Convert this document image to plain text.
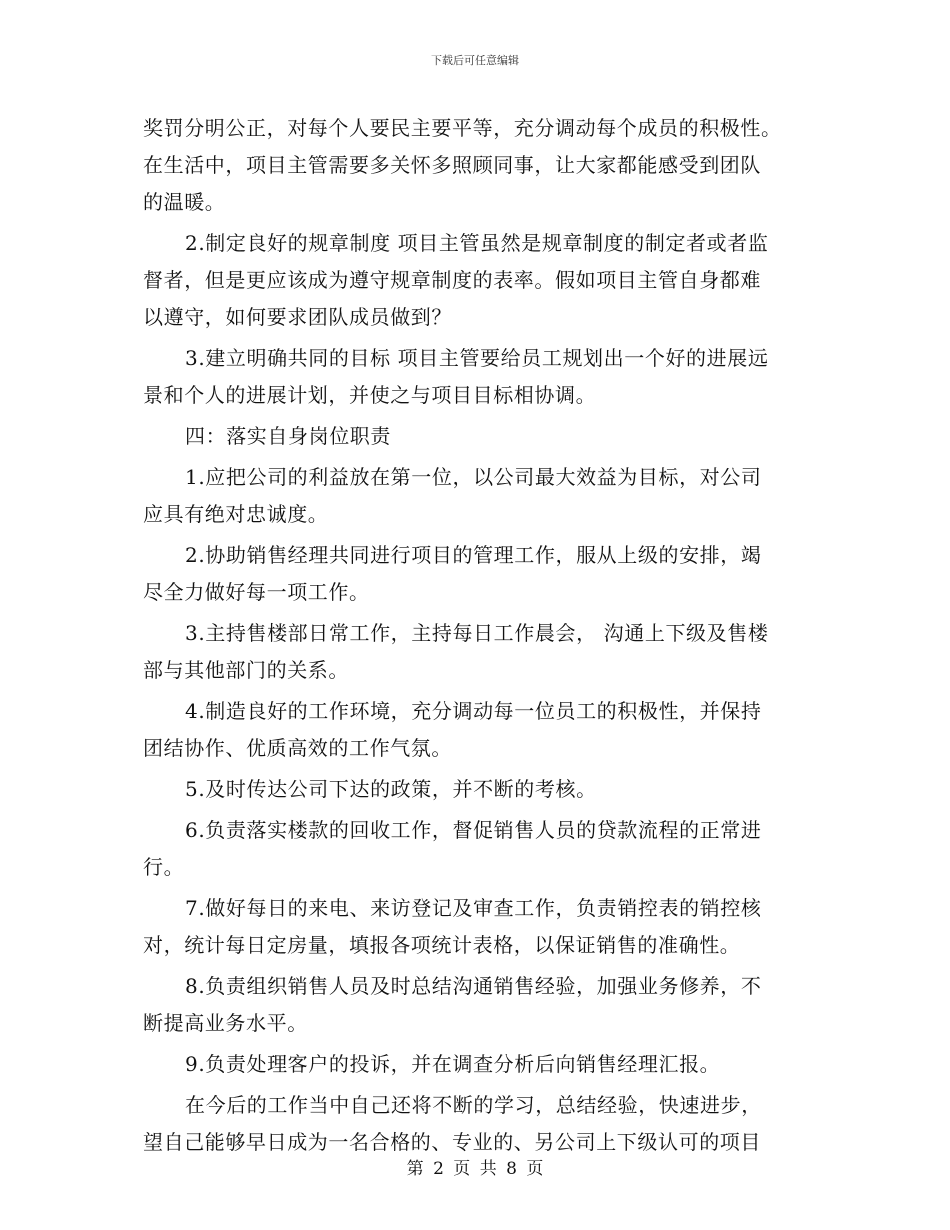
下载后可任意编辑
奖罚分明公正，对每个人要民主要平等，充分调动每个成员的积极性。
在生活中，项目主管需要多关怀多照顾同事，让大家都能感受到团队
的温暖。
2.制定良好的规章制度 项目主管虽然是规章制度的制定者或者监
督者，但是更应该成为遵守规章制度的表率。假如项目主管自身都难
以遵守，如何要求团队成员做到？
3.建立明确共同的目标 项目主管要给员工规划出一个好的进展远
景和个人的进展计划，并使之与项目目标相协调。
四：落实自身岗位职责
1.应把公司的利益放在第一位，以公司最大效益为目标，对公司
应具有绝对忠诚度。
2.协助销售经理共同进行项目的管理工作，服从上级的安排，竭
尽全力做好每一项工作。
3.主持售楼部日常工作，主持每日工作晨会， 沟通上下级及售楼
部与其他部门的关系。
4.制造良好的工作环境，充分调动每一位员工的积极性，并保持
团结协作、优质高效的工作气氛。
5.及时传达公司下达的政策，并不断的考核。
6.负责落实楼款的回收工作，督促销售人员的贷款流程的正常进
行。
7.做好每日的来电、来访登记及审查工作，负责销控表的销控核
对，统计每日定房量，填报各项统计表格，以保证销售的准确性。
8.负责组织销售人员及时总结沟通销售经验，加强业务修养，不
断提高业务水平。
9.负责处理客户的投诉，并在调查分析后向销售经理汇报。
在今后的工作当中自己还将不断的学习，总结经验，快速进步，
望自己能够早日成为一名合格的、专业的、另公司上下级认可的项目
第 2 页 共 8 页
